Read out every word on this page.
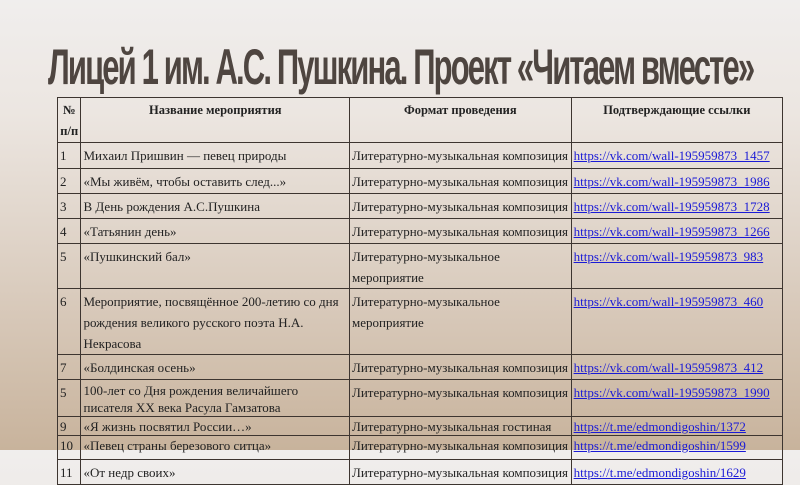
Лицей 1 им. А.С. Пушкина. Проект «Читаем вместе»
№ п/п	Название мероприятия	Формат проведения	Подтверждающие ссылки
1	Михаил Пришвин — певец природы	Литературно-музыкальная композиция	https://vk.com/wall-195959873_1457
2	«Мы живём, чтобы оставить след...»	Литературно-музыкальная композиция	https://vk.com/wall-195959873_1986
3	В День рождения А.С.Пушкина	Литературно-музыкальная композиция	https://vk.com/wall-195959873_1728
4	«Татьянин день»	Литературно-музыкальная композиция	https://vk.com/wall-195959873_1266
5	«Пушкинский бал»	Литературно-музыкальное мероприятие	https://vk.com/wall-195959873_983
6	Мероприятие, посвящённое 200-летию со дня рождения великого русского поэта Н.А. Некрасова	Литературно-музыкальное мероприятие	https://vk.com/wall-195959873_460
7	«Болдинская осень»	Литературно-музыкальная композиция	https://vk.com/wall-195959873_412
5	100-лет со Дня рождения величайшего писателя XX века Расула Гамзатова	Литературно-музыкальная композиция	https://vk.com/wall-195959873_1990
9	«Я жизнь посвятил России…»	Литературно-музыкальная гостиная	https://t.me/edmondigoshin/1372
10	«Певец страны березового ситца»	Литературно-музыкальная композиция	https://t.me/edmondigoshin/1599
11	«От недр своих»	Литературно-музыкальная композиция	https://t.me/edmondigoshin/1629
